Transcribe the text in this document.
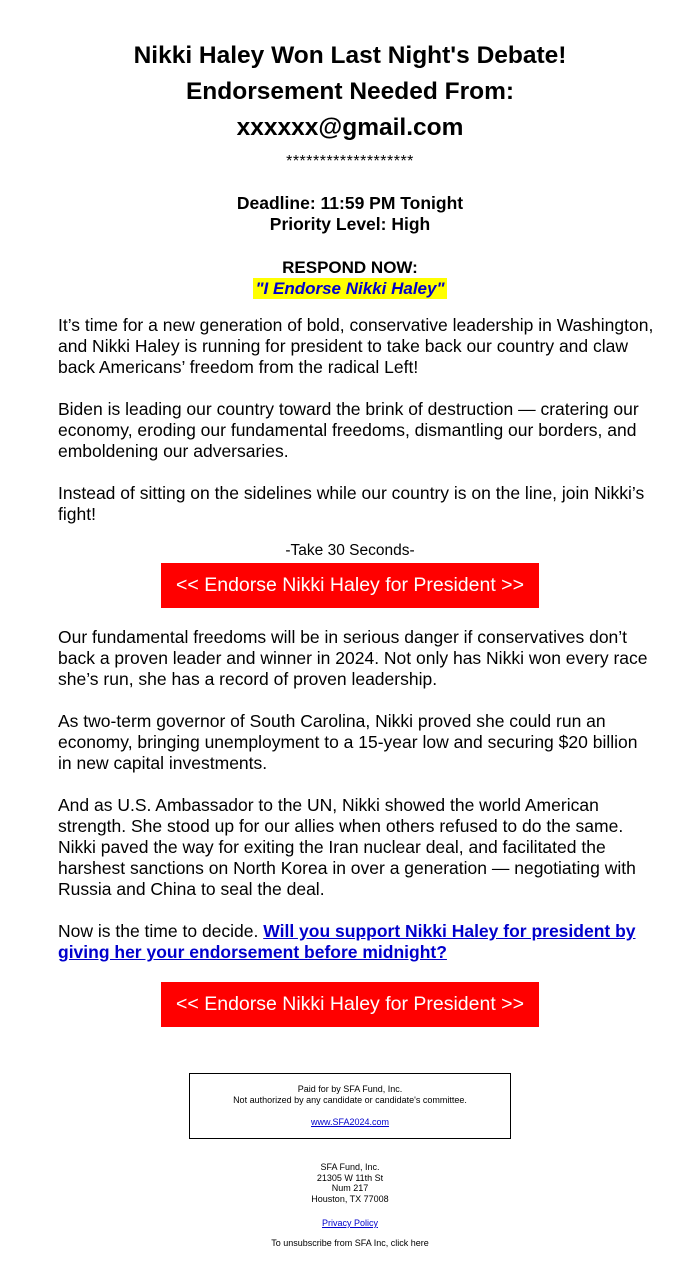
Nikki Haley Won Last Night's Debate!
Endorsement Needed From:
xxxxxx@gmail.com
*******************
Deadline: 11:59 PM Tonight
Priority Level: High
RESPOND NOW:
"I Endorse Nikki Haley"

It’s time for a new generation of bold, conservative leadership in Washington, and Nikki Haley is running for president to take back our country and claw back Americans’ freedom from the radical Left!

Biden is leading our country toward the brink of destruction — cratering our economy, eroding our fundamental freedoms, dismantling our borders, and emboldening our adversaries.

Instead of sitting on the sidelines while our country is on the line, join Nikki’s fight!

-Take 30 Seconds-
<< Endorse Nikki Haley for President >>

Our fundamental freedoms will be in serious danger if conservatives don’t back a proven leader and winner in 2024. Not only has Nikki won every race she’s run, she has a record of proven leadership.

As two-term governor of South Carolina, Nikki proved she could run an economy, bringing unemployment to a 15-year low and securing $20 billion in new capital investments.

And as U.S. Ambassador to the UN, Nikki showed the world American strength. She stood up for our allies when others refused to do the same. Nikki paved the way for exiting the Iran nuclear deal, and facilitated the harshest sanctions on North Korea in over a generation — negotiating with Russia and China to seal the deal.

Now is the time to decide. Will you support Nikki Haley for president by giving her your endorsement before midnight?

<< Endorse Nikki Haley for President >>
Paid for by SFA Fund, Inc.
Not authorized by any candidate or candidate's committee.
www.SFA2024.com
SFA Fund, Inc.
21305 W 11th St
Num 217
Houston, TX 77008
Privacy Policy
To unsubscribe from SFA Inc, click here
